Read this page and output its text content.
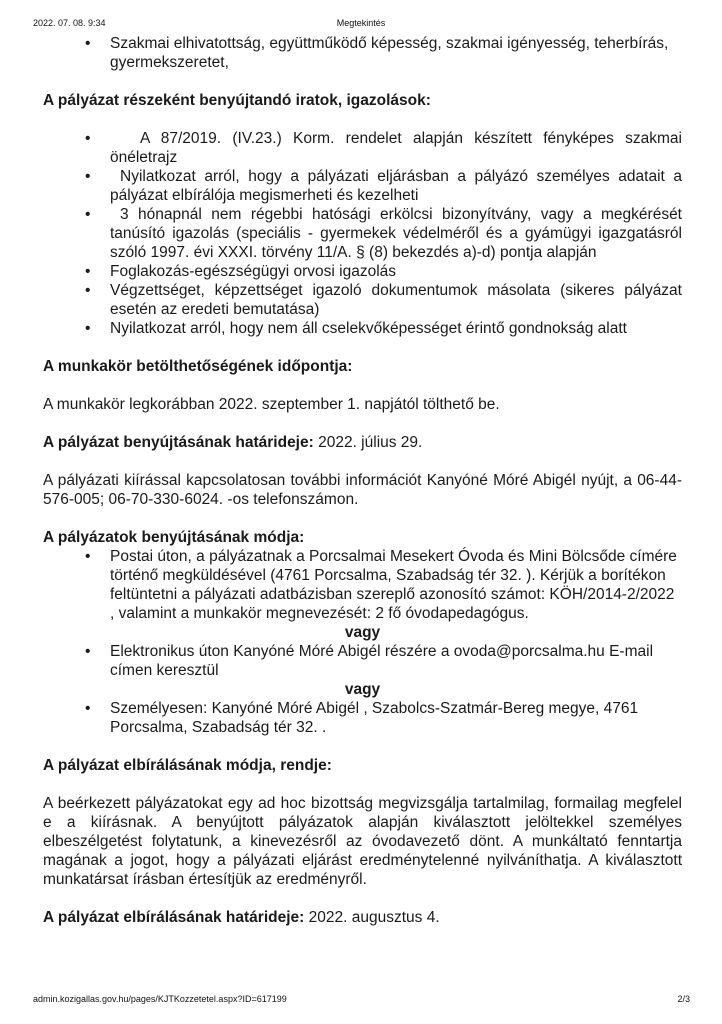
2022. 07. 08. 9:34	Megtekintés
• Szakmai elhivatottság, együttműködő képesség, szakmai igényesség, teherbírás, gyermekszeretet,
A pályázat részeként benyújtandó iratok, igazolások:
•	A 87/2019. (IV.23.) Korm. rendelet alapján készített fényképes szakmai önéletrajz
• Nyilatkozat arról, hogy a pályázati eljárásban a pályázó személyes adatait a pályázat elbírálója megismerheti és kezelheti
• 3 hónapnál nem régebbi hatósági erkölcsi bizonyítvány, vagy a megkérését tanúsító igazolás (speciális - gyermekek védelméről és a gyámügyi igazgatásról szóló 1997. évi XXXI. törvény 11/A. § (8) bekezdés a)-d) pontja alapján
• Foglakozás-egészségügyi orvosi igazolás
• Végzettséget, képzettséget igazoló dokumentumok másolata (sikeres pályázat esetén az eredeti bemutatása)
• Nyilatkozat arról, hogy nem áll cselekvőképességet érintő gondnokság alatt
A munkakör betölthetőségének időpontja:

A munkakör legkorábban 2022. szeptember 1. napjától tölthető be.

A pályázat benyújtásának határideje: 2022. július 29.

A pályázati kiírással kapcsolatosan további információt Kanyóné Móré Abigél nyújt, a 06-44-576-005; 06-70-330-6024. -os telefonszámon.

A pályázatok benyújtásának módja:
• Postai úton, a pályázatnak a Porcsalmai Mesekert Óvoda és Mini Bölcsőde címére történő megküldésével (4761 Porcsalma, Szabadság tér 32. ). Kérjük a borítékon feltüntetni a pályázati adatbázisban szereplő azonosító számot: KÖH/2014-2/2022 , valamint a munkakör megnevezését: 2 fő óvodapedagógus.
vagy
• Elektronikus úton Kanyóné Móré Abigél részére a ovoda@porcsalma.hu E-mail címen keresztül
vagy
• Személyesen: Kanyóné Móré Abigél , Szabolcs-Szatmár-Bereg megye, 4761 Porcsalma, Szabadság tér 32. .
A pályázat elbírálásának módja, rendje:

A beérkezett pályázatokat egy ad hoc bizottság megvizsgálja tartalmilag, formailag megfelel e a kiírásnak. A benyújtott pályázatok alapján kiválasztott jelöltekkel személyes elbeszélgetést folytatunk, a kinevezésről az óvodavezető dönt. A munkáltató fenntartja magának a jogot, hogy a pályázati eljárást eredménytelenné nyilváníthatja. A kiválasztott munkatársat írásban értesítjük az eredményről.

A pályázat elbírálásának határideje: 2022. augusztus 4.

admin.kozigallas.gov.hu/pages/KJTKozzetetel.aspx?ID=617199	2/3
